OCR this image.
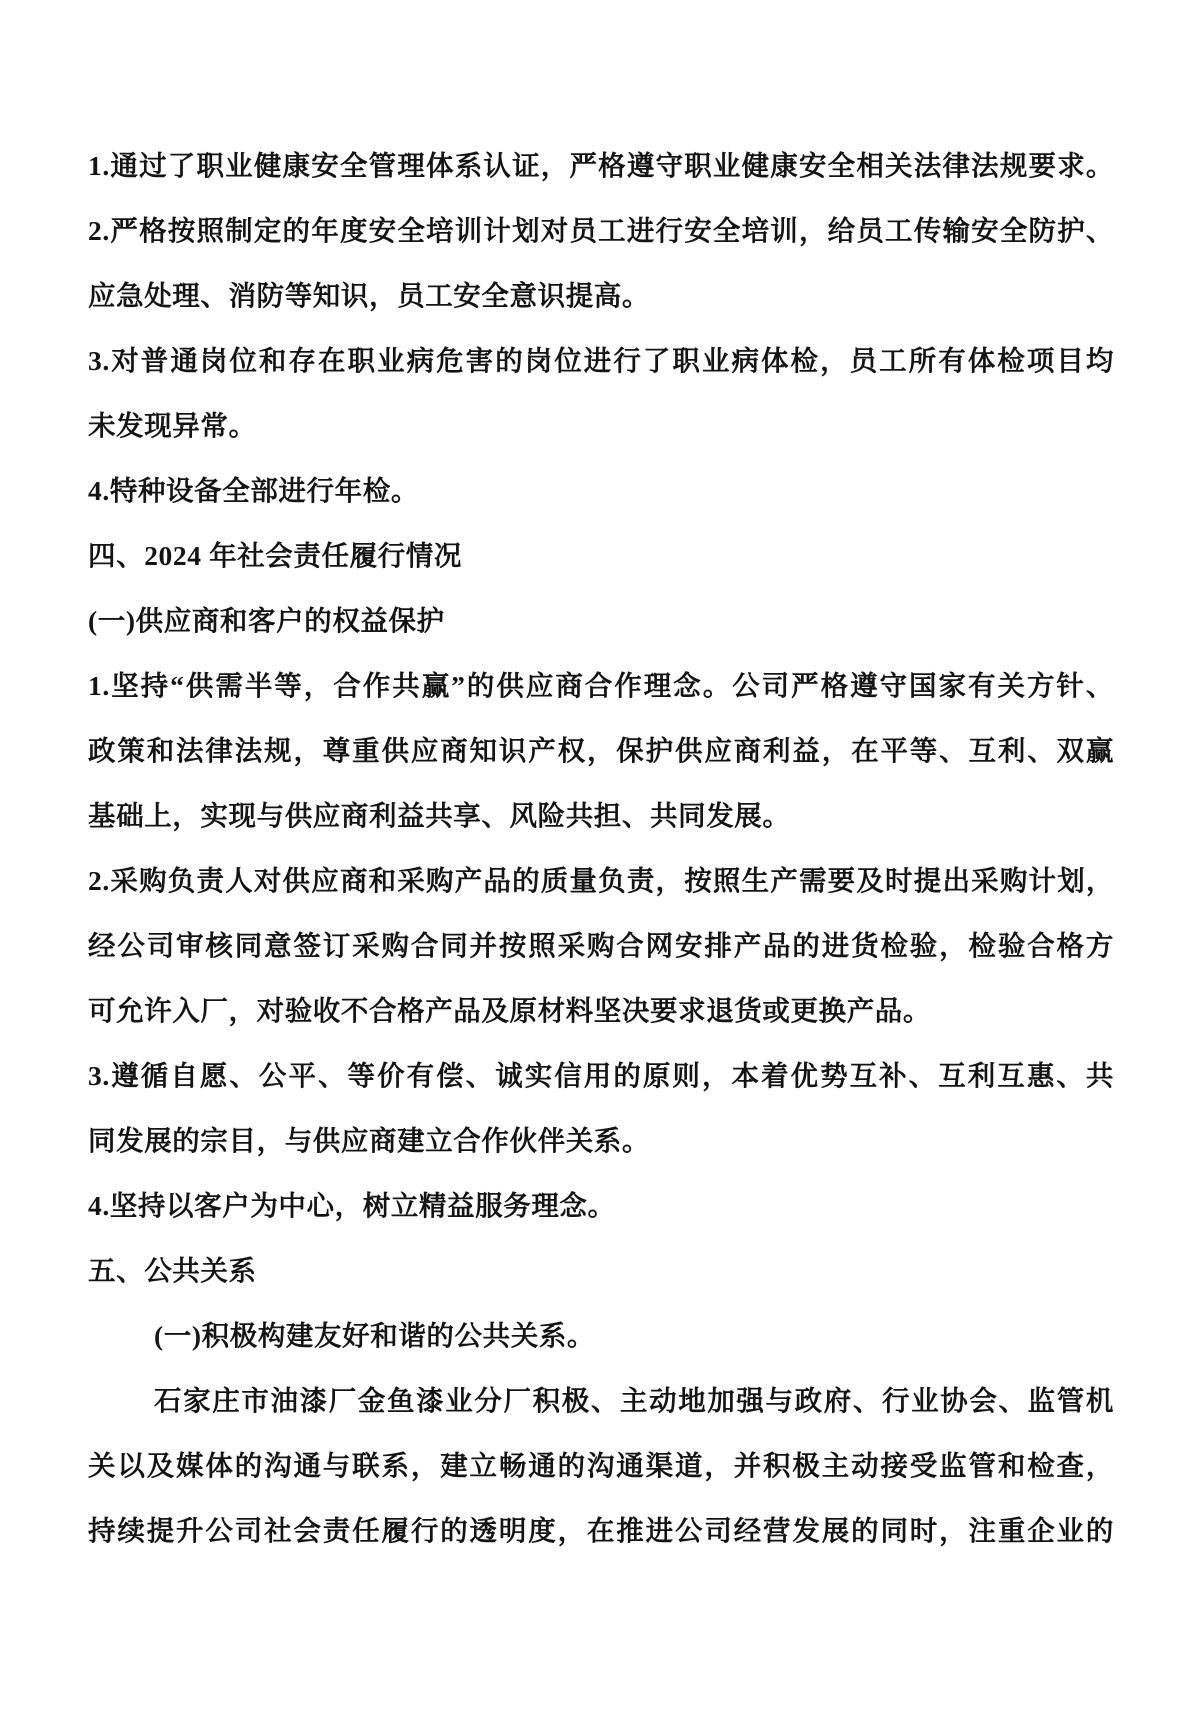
1.通过了职业健康安全管理体系认证，严格遵守职业健康安全相关法律法规要求。
2.严格按照制定的年度安全培训计划对员工进行安全培训，给员工传输安全防护、
应急处理、消防等知识，员工安全意识提高。
3.对普通岗位和存在职业病危害的岗位进行了职业病体检，员工所有体检项目均
未发现异常。
4.特种设备全部进行年检。
四、2024 年社会责任履行情况
(一)供应商和客户的权益保护
1.坚持“供需半等，合作共赢”的供应商合作理念。公司严格遵守国家有关方针、
政策和法律法规，尊重供应商知识产权，保护供应商利益，在平等、互利、双赢
基础上，实现与供应商利益共享、风险共担、共同发展。
2.采购负责人对供应商和采购产品的质量负责，按照生产需要及时提出采购计划，
经公司审核同意签订采购合同并按照采购合网安排产品的进货检验，检验合格方
可允许入厂，对验收不合格产品及原材料坚决要求退货或更换产品。
3.遵循自愿、公平、等价有偿、诚实信用的原则，本着优势互补、互利互惠、共
同发展的宗目，与供应商建立合作伙伴关系。
4.坚持以客户为中心，树立精益服务理念。
五、公共关系
(一)积极构建友好和谐的公共关系。
石家庄市油漆厂金鱼漆业分厂积极、主动地加强与政府、行业协会、监管机
关以及媒体的沟通与联系，建立畅通的沟通渠道，并积极主动接受监管和检查，
持续提升公司社会责任履行的透明度，在推进公司经营发展的同时，注重企业的
